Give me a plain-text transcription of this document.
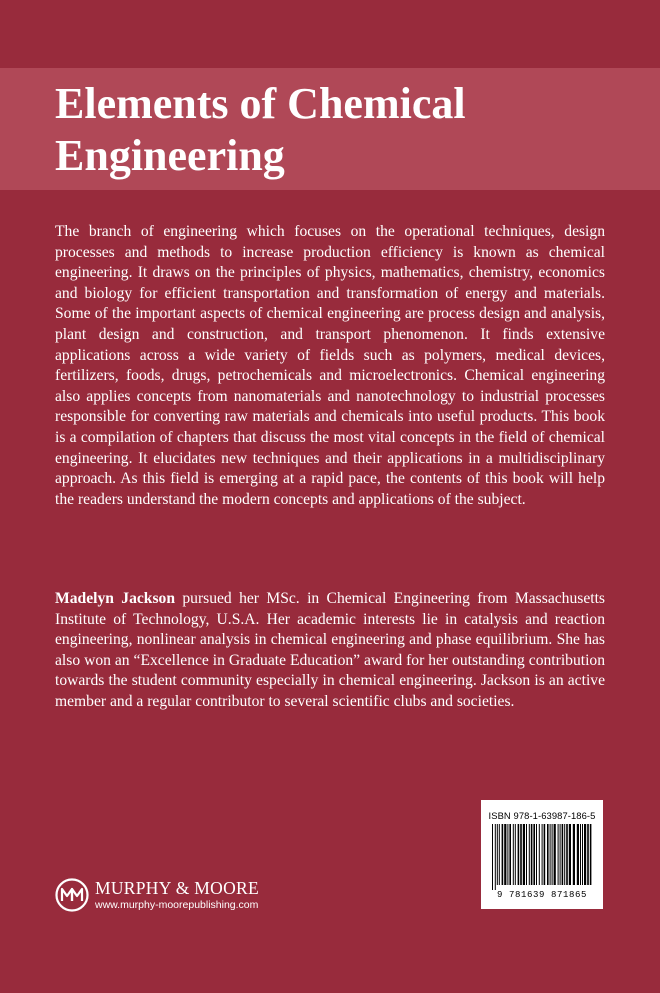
Elements of Chemical Engineering

The branch of engineering which focuses on the operational techniques, design processes and methods to increase production efficiency is known as chemical engineering. It draws on the principles of physics, mathematics, chemistry, economics and biology for efficient transportation and transformation of energy and materials. Some of the important aspects of chemical engineering are process design and analysis, plant design and construction, and transport phenomenon. It finds extensive applications across a wide variety of fields such as polymers, medical devices, fertilizers, foods, drugs, petrochemicals and microelectronics. Chemical engineering also applies concepts from nanomaterials and nanotechnology to industrial processes responsible for converting raw materials and chemicals into useful products. This book is a compilation of chapters that discuss the most vital concepts in the field of chemical engineering. It elucidates new techniques and their applications in a multidisciplinary approach. As this field is emerging at a rapid pace, the contents of this book will help the readers understand the modern concepts and applications of the subject.

Madelyn Jackson pursued her MSc. in Chemical Engineering from Massachusetts Institute of Technology, U.S.A. Her academic interests lie in catalysis and reaction engineering, nonlinear analysis in chemical engineering and phase equilibrium. She has also won an “Excellence in Graduate Education” award for her outstanding contribution towards the student community especially in chemical engineering. Jackson is an active member and a regular contributor to several scientific clubs and societies.

ISBN 978-1-63987-186-5
9 781639 871865
MURPHY & MOORE
www.murphy-moorepublishing.com
